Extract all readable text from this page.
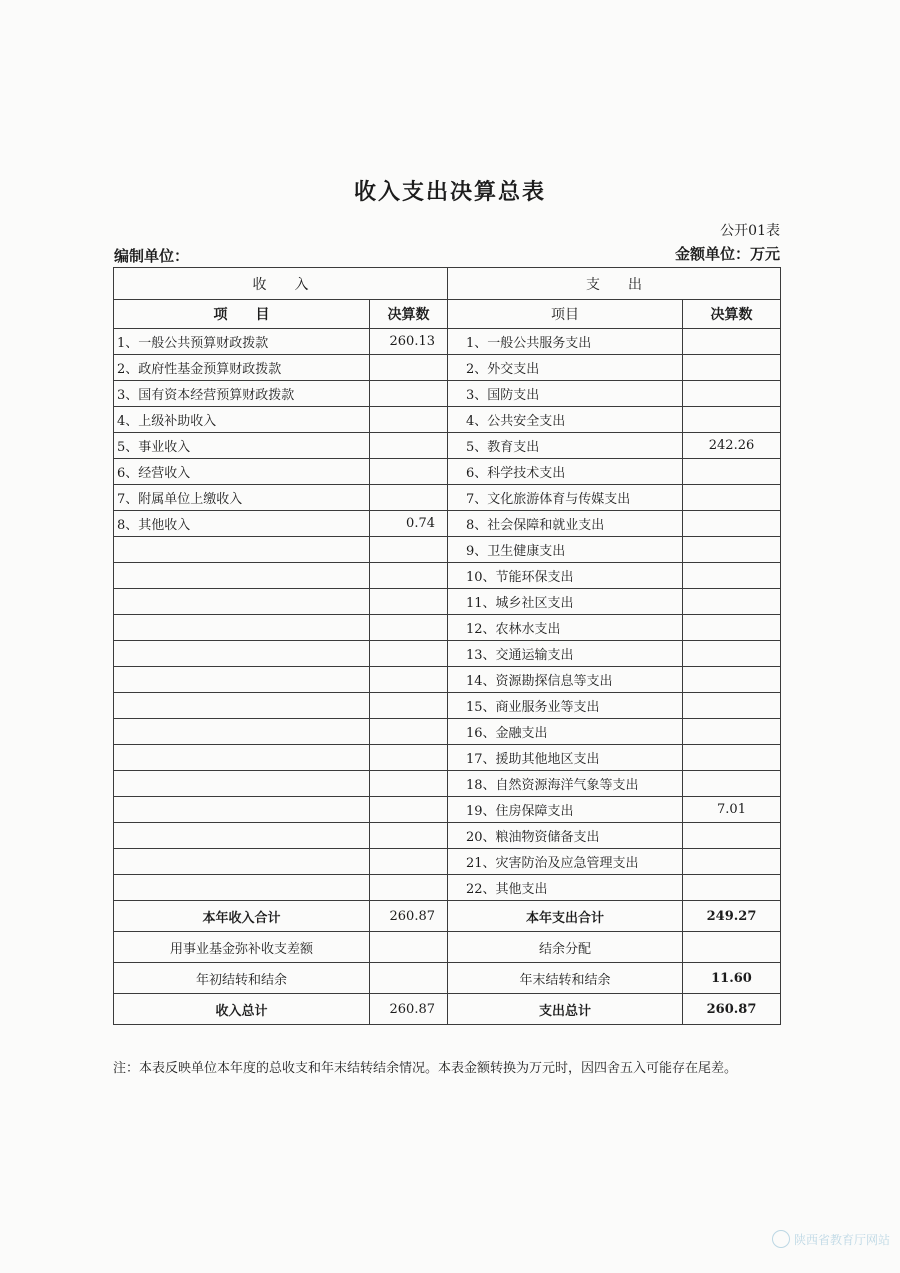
收入支出决算总表
公开01表
编制单位：	金额单位：万元
收　　入		支　　出	
项　　目	决算数	项目	决算数
1、一般公共预算财政拨款	260.13	1、一般公共服务支出	
2、政府性基金预算财政拨款		2、外交支出	
3、国有资本经营预算财政拨款		3、国防支出	
4、上级补助收入		4、公共安全支出	
5、事业收入		5、教育支出	242.26
6、经营收入		6、科学技术支出	
7、附属单位上缴收入		7、文化旅游体育与传媒支出	
8、其他收入	0.74	8、社会保障和就业支出	
		9、卫生健康支出	
		10、节能环保支出	
		11、城乡社区支出	
		12、农林水支出	
		13、交通运输支出	
		14、资源勘探信息等支出	
		15、商业服务业等支出	
		16、金融支出	
		17、援助其他地区支出	
		18、自然资源海洋气象等支出	
		19、住房保障支出	7.01
		20、粮油物资储备支出	
		21、灾害防治及应急管理支出	
		22、其他支出	
本年收入合计	260.87	本年支出合计	249.27
用事业基金弥补收支差额		结余分配	
年初结转和结余		年末结转和结余	11.60
收入总计	260.87	支出总计	260.87
注：本表反映单位本年度的总收支和年末结转结余情况。本表金额转换为万元时，因四舍五入可能存在尾差。
陕西省教育厅网站
